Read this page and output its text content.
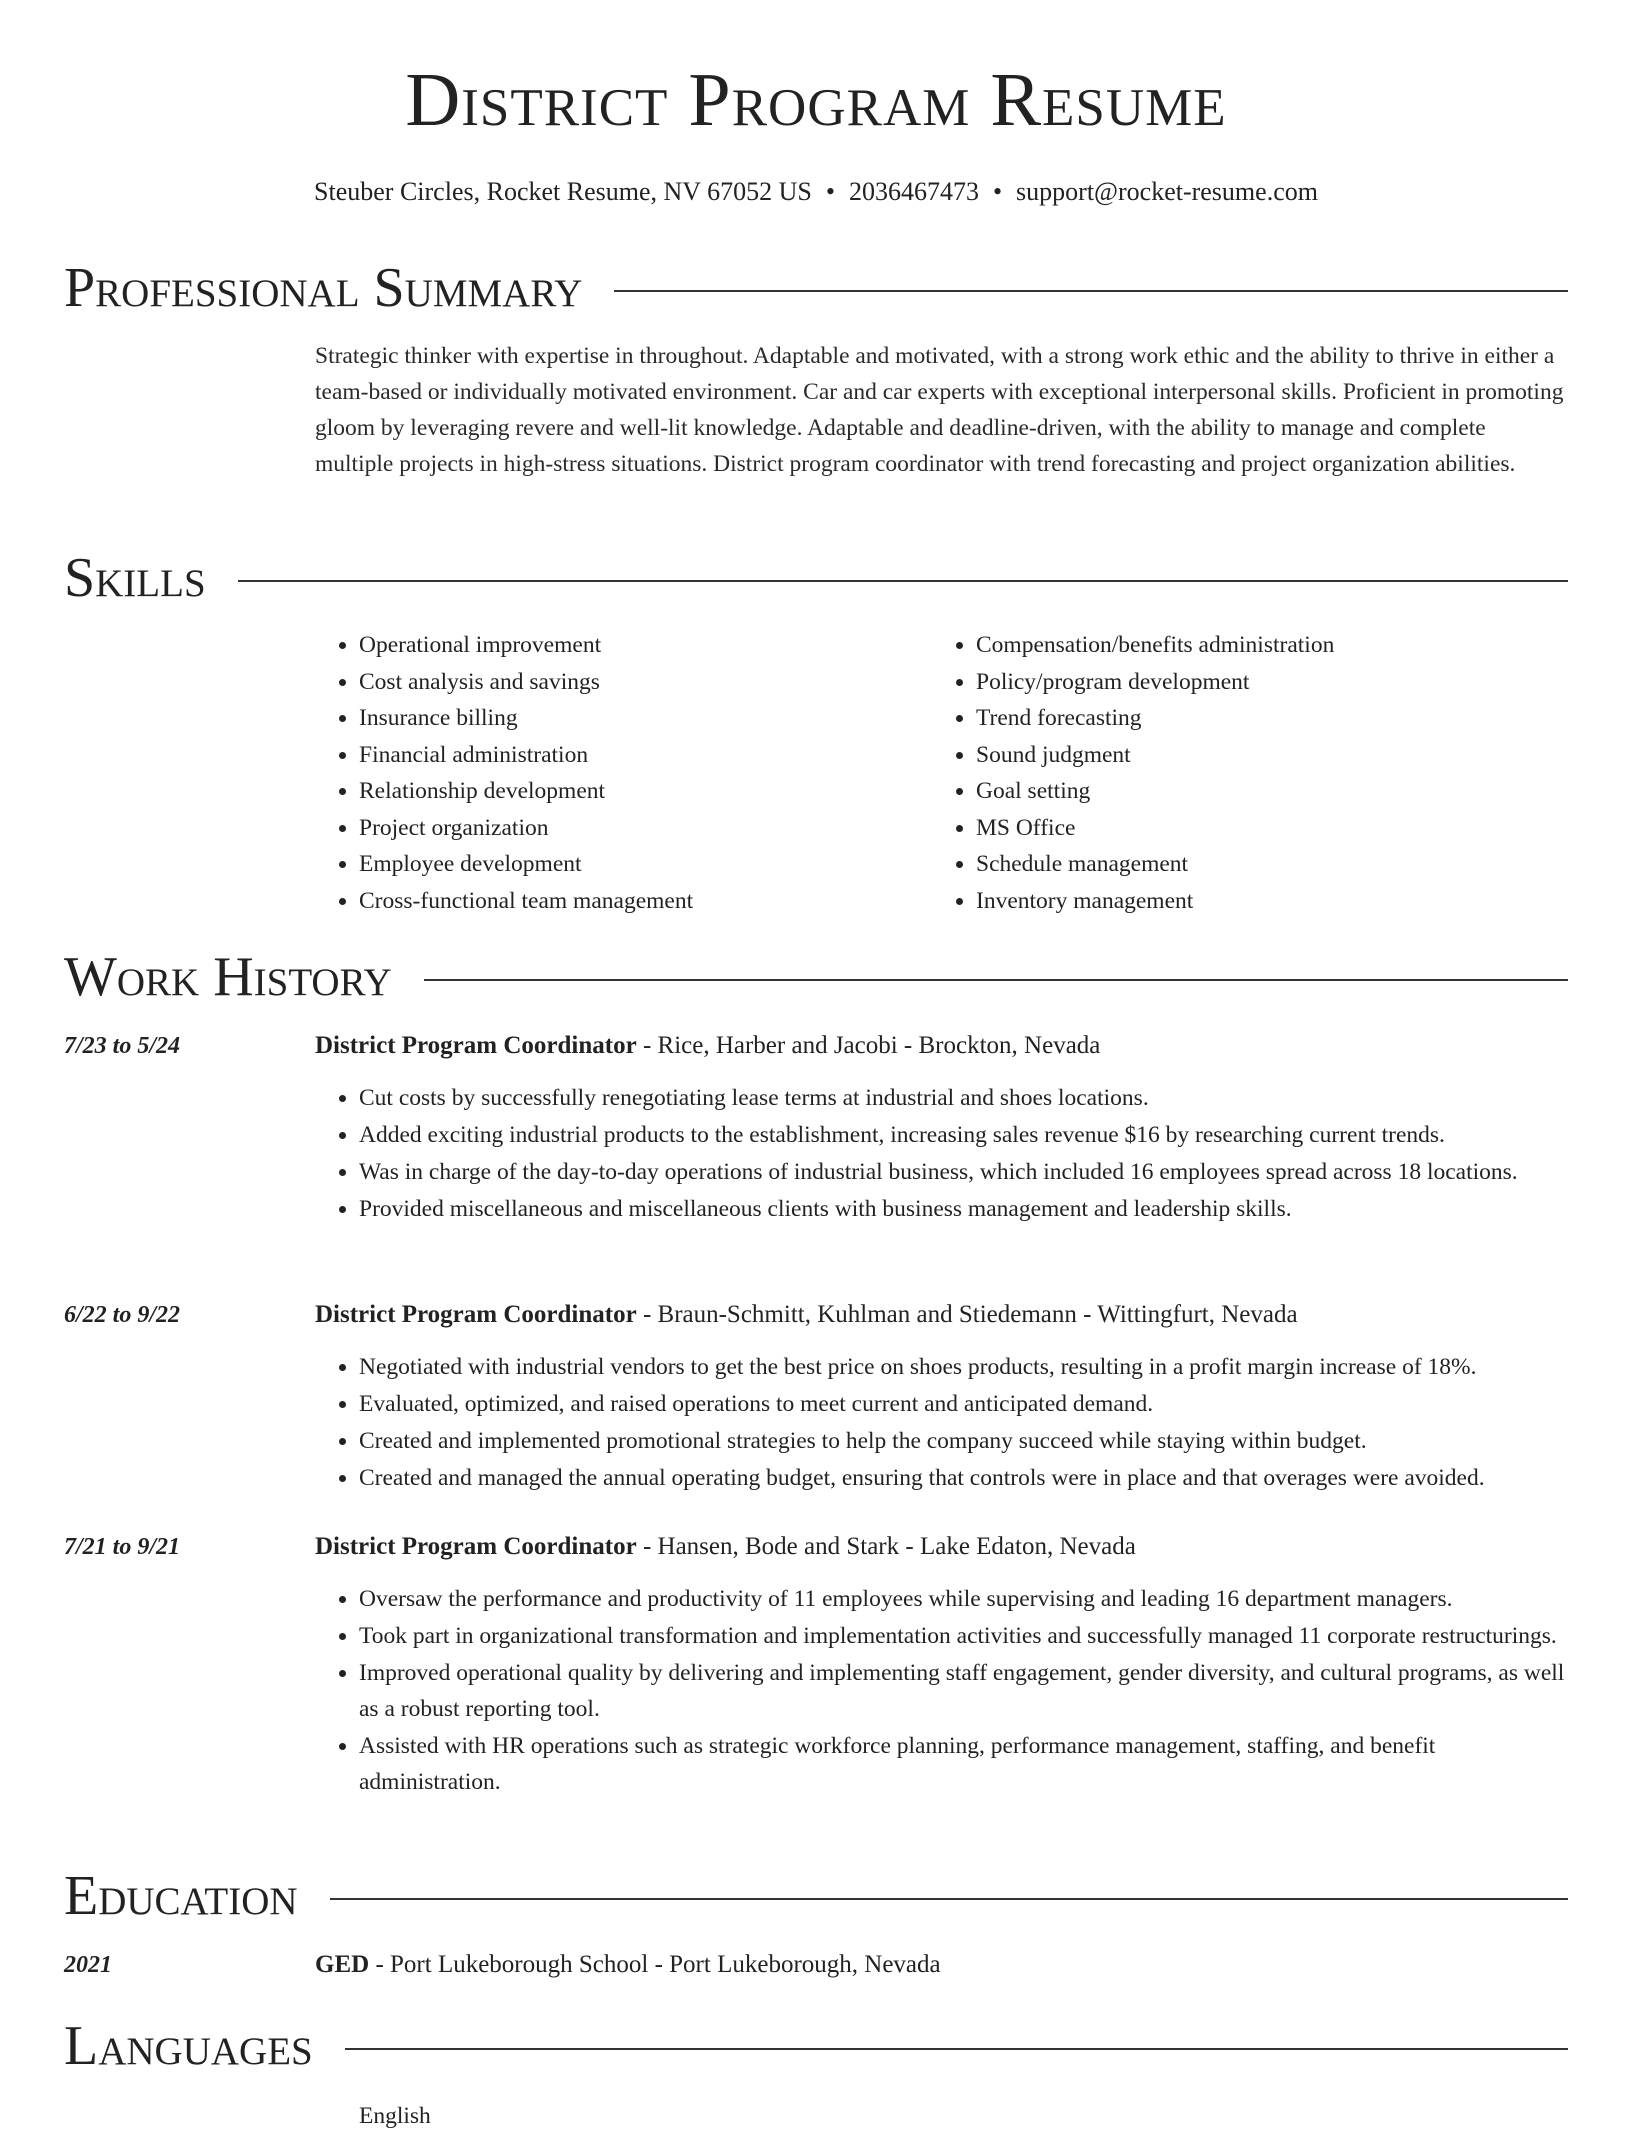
District Program Resume
Steuber Circles, Rocket Resume, NV 67052 US • 2036467473 • support@rocket-resume.com
Professional Summary

Strategic thinker with expertise in throughout. Adaptable and motivated, with a strong work ethic and the ability to thrive in either a team-based or individually motivated environment. Car and car experts with exceptional interpersonal skills. Proficient in promoting gloom by leveraging revere and well-lit knowledge. Adaptable and deadline-driven, with the ability to manage and complete multiple projects in high-stress situations. District program coordinator with trend forecasting and project organization abilities.

Skills
• Operational improvement
• Cost analysis and savings
• Insurance billing
• Financial administration
• Relationship development
• Project organization
• Employee development
• Cross-functional team management
• Compensation/benefits administration
• Policy/program development
• Trend forecasting
• Sound judgment
• Goal setting
• MS Office
• Schedule management
• Inventory management
Work History
7/23 to 5/24	District Program Coordinator - Rice, Harber and Jacobi - Brockton, Nevada
• Cut costs by successfully renegotiating lease terms at industrial and shoes locations.
• Added exciting industrial products to the establishment, increasing sales revenue $16 by researching current trends.
• Was in charge of the day-to-day operations of industrial business, which included 16 employees spread across 18 locations.
• Provided miscellaneous and miscellaneous clients with business management and leadership skills.
6/22 to 9/22	District Program Coordinator - Braun-Schmitt, Kuhlman and Stiedemann - Wittingfurt, Nevada
• Negotiated with industrial vendors to get the best price on shoes products, resulting in a profit margin increase of 18%.
• Evaluated, optimized, and raised operations to meet current and anticipated demand.
• Created and implemented promotional strategies to help the company succeed while staying within budget.
• Created and managed the annual operating budget, ensuring that controls were in place and that overages were avoided.
7/21 to 9/21	District Program Coordinator - Hansen, Bode and Stark - Lake Edaton, Nevada
• Oversaw the performance and productivity of 11 employees while supervising and leading 16 department managers.
• Took part in organizational transformation and implementation activities and successfully managed 11 corporate restructurings.
• Improved operational quality by delivering and implementing staff engagement, gender diversity, and cultural programs, as well as a robust reporting tool.
• Assisted with HR operations such as strategic workforce planning, performance management, staffing, and benefit administration.
Education
2021	GED - Port Lukeborough School - Port Lukeborough, Nevada
Languages
English
